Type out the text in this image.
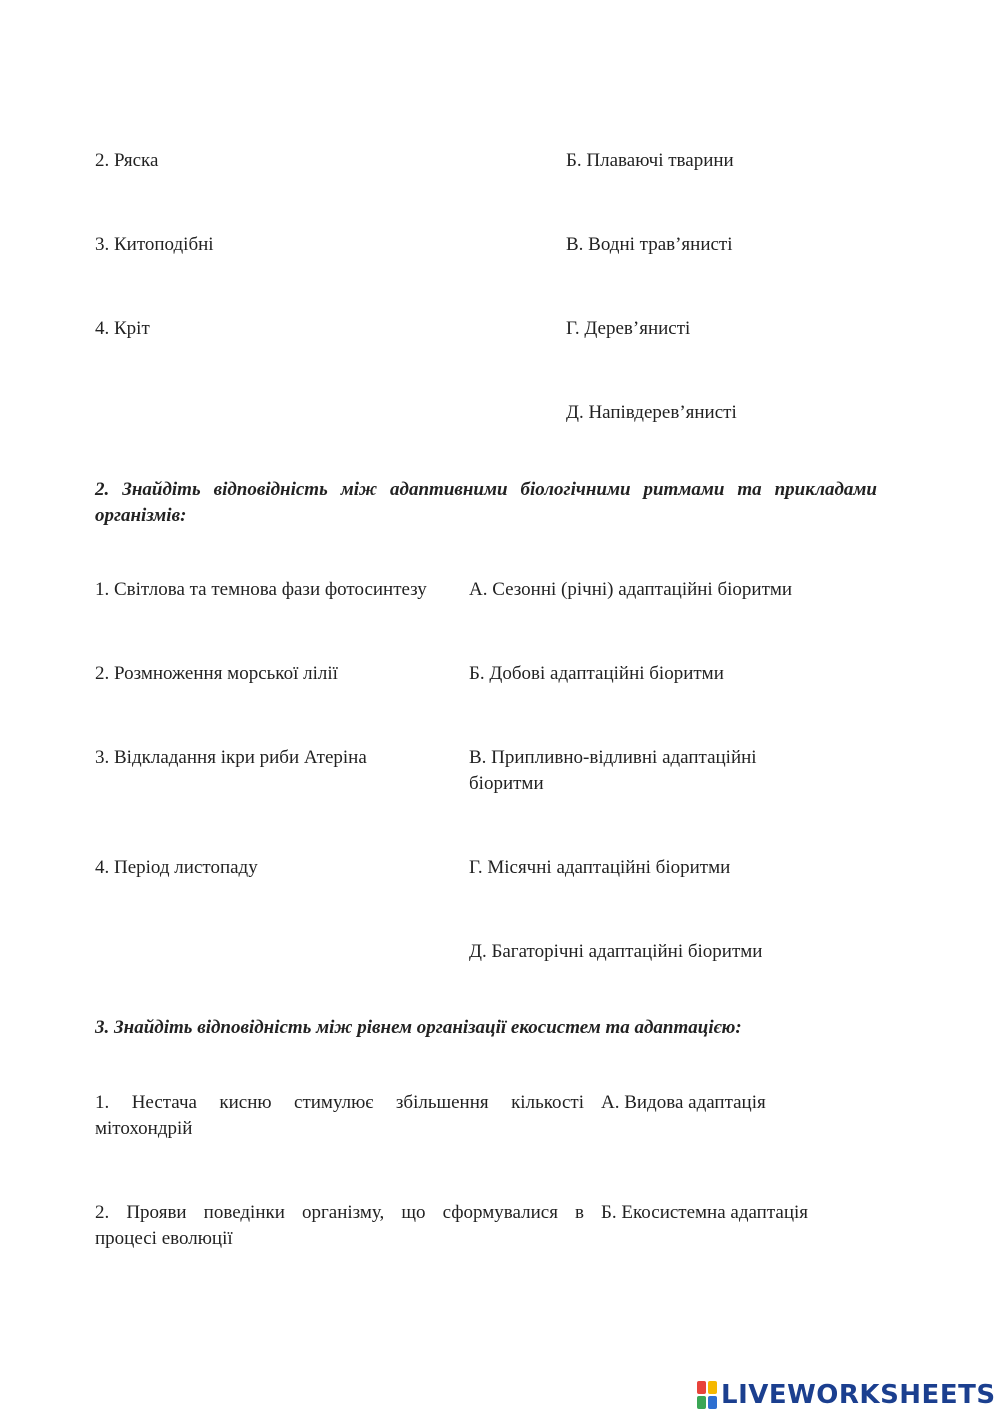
2. Ряска	Б. Плаваючі тварини
3. Китоподібні	В. Водні трав’янисті
4. Кріт	Г. Дерев’янисті
Д. Напівдерев’янисті
2. Знайдіть відповідність між адаптивними біологічними ритмами та прикладами
організмів:
1. Світлова та темнова фази фотосинтезу А. Сезонні (річні) адаптаційні біоритми
2. Розмноження морської лілії	Б. Добові адаптаційні біоритми
3. Відкладання ікри риби Атеріна	В. Припливно-відливні адаптаційні біоритми
4. Період листопаду	Г. Місячні адаптаційні біоритми
Д. Багаторічні адаптаційні біоритми
3. Знайдіть відповідність між рівнем організації екосистем та адаптацією:
1. Нестача кисню стимулює збільшення кількості
мітохондрій
А. Видова адаптація
2. Прояви поведінки організму, що сформувалися в
процесі еволюції
Б. Екосистемна адаптація
LIVEWORKSHEETS
